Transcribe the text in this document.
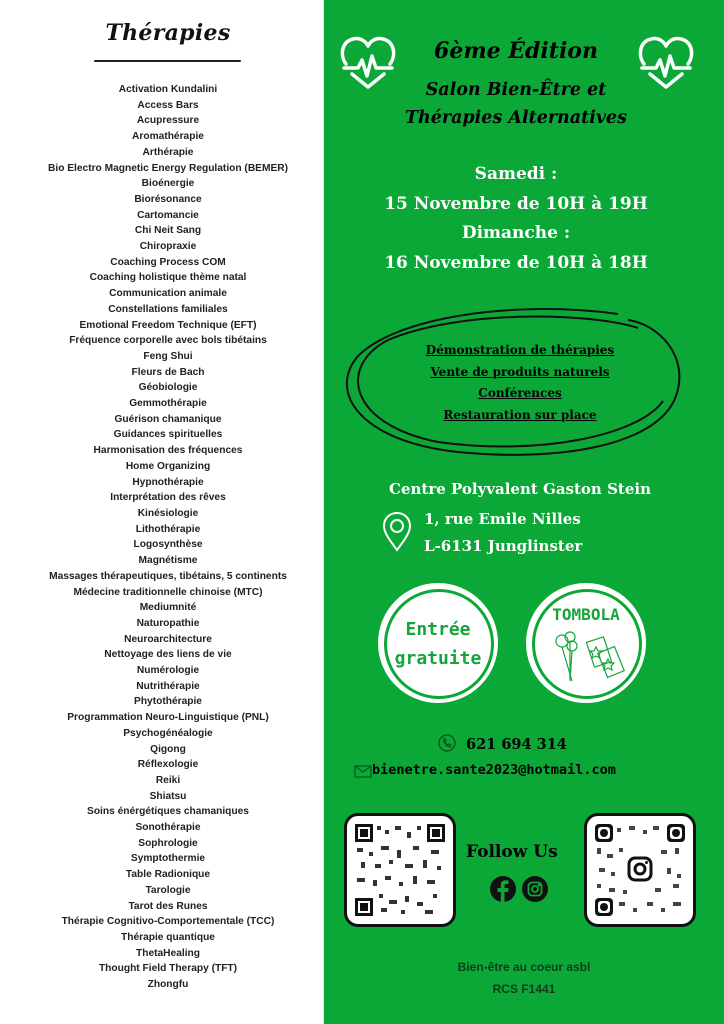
Thérapies
Activation Kundalini
Access Bars
Acupressure
Aromathérapie
Arthérapie
Bio Electro Magnetic Energy Regulation (BEMER)
Bioénergie
Biorésonance
Cartomancie
Chi Neit Sang
Chiropraxie
Coaching Process COM
Coaching holistique thème natal
Communication animale
Constellations familiales
Emotional Freedom Technique (EFT)
Fréquence corporelle avec bols tibétains
Feng Shui
Fleurs de Bach
Géobiologie
Gemmothérapie
Guérison chamanique
Guidances spirituelles
Harmonisation des fréquences
Home Organizing
Hypnothérapie
Interprétation des rêves
Kinésiologie
Lithothérapie
Logosynthèse
Magnétisme
Massages thérapeutiques, tibétains, 5 continents
Médecine traditionnelle chinoise (MTC)
Mediumnité
Naturopathie
Neuroarchitecture
Nettoyage des liens de vie
Numérologie
Nutrithérapie
Phytothérapie
Programmation Neuro-Linguistique (PNL)
Psychogénéalogie
Qigong
Réflexologie
Reiki
Shiatsu
Soins énérgétiques chamaniques
Sonothérapie
Sophrologie
Symptothermie
Table Radionique
Tarologie
Tarot des Runes
Thérapie Cognitivo-Comportementale (TCC)
Thérapie quantique
ThetaHealing
Thought Field Therapy (TFT)
Zhongfu
6ème Édition
Salon Bien-Être et
Thérapies Alternatives
Samedi :
15 Novembre de 10H à 19H
Dimanche :
16 Novembre de 10H à 18H
Démonstration de thérapies
Vente de produits naturels
Conférences
Restauration sur place
Centre Polyvalent Gaston Stein
1, rue Emile Nilles
L-6131 Junglinster
Entrée
gratuite
TOMBOLA
621 694 314
bienetre.sante2023@hotmail.com
Follow Us
Bien-être au coeur asbl
RCS F1441
